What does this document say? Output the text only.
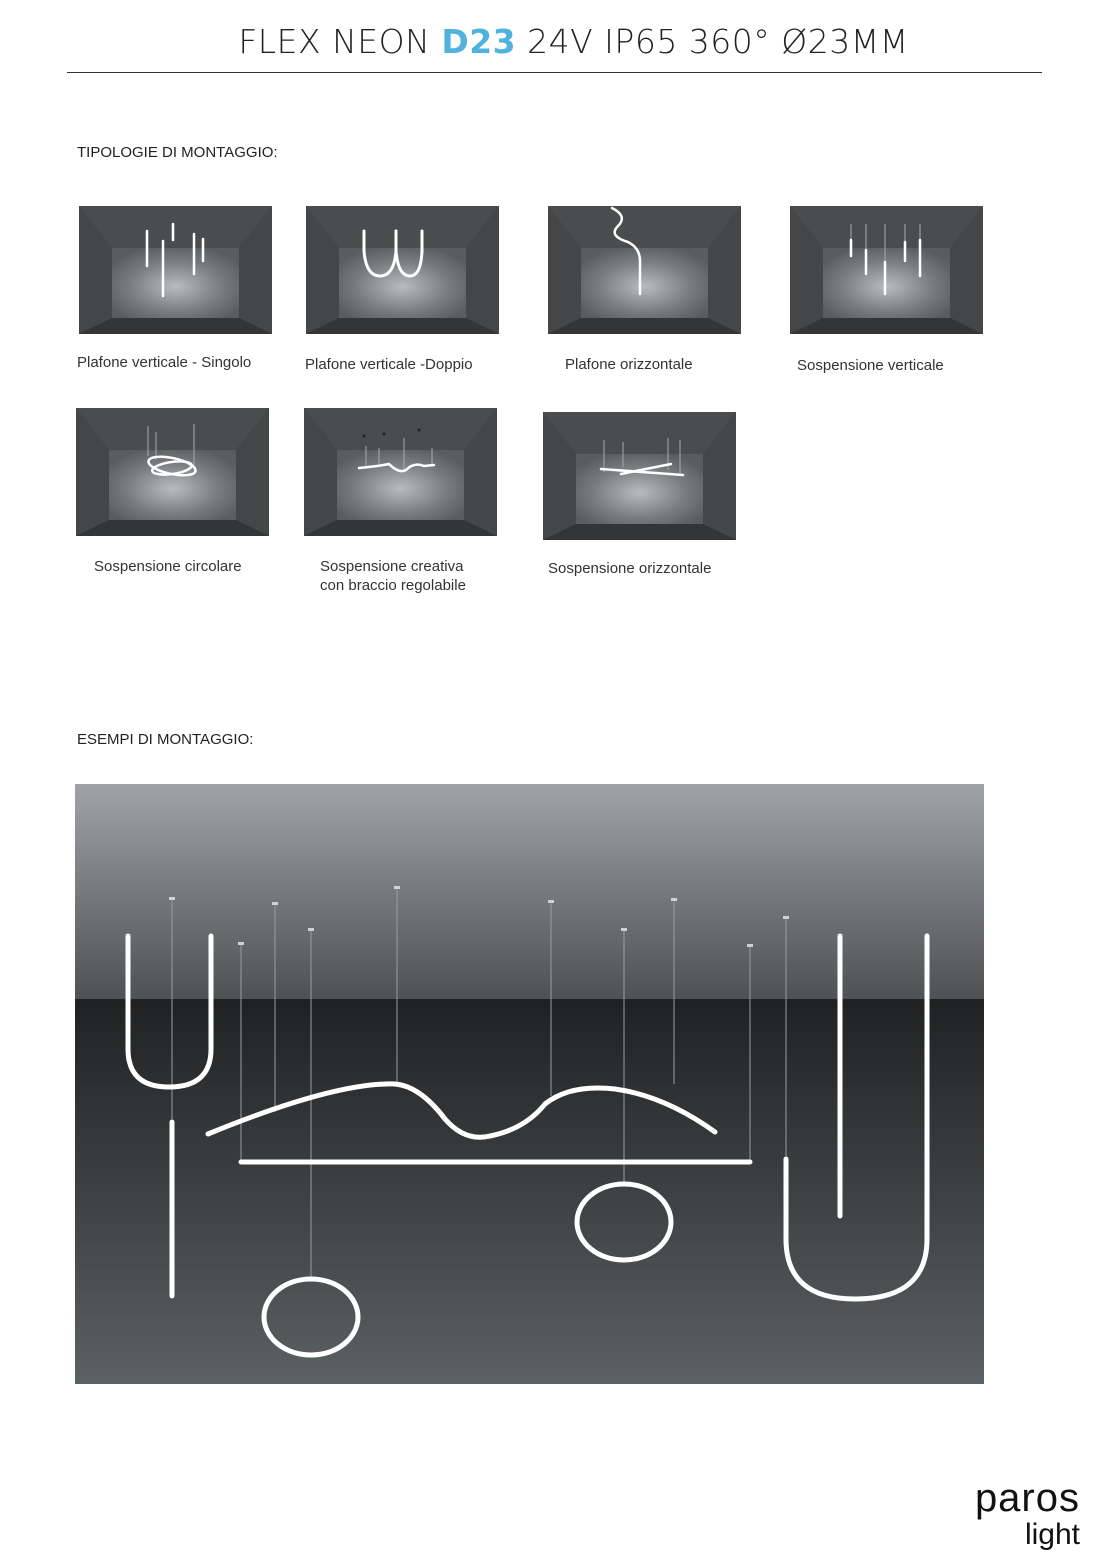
FLEX NEON D23 24V IP65 360° Ø23MM
TIPOLOGIE DI MONTAGGIO:
Plafone verticale - Singolo	Plafone verticale -Doppio	Plafone orizzontale	Sospensione verticale
Sospensione circolare	Sospensione creativa
con braccio regolabile
Sospensione orizzontale
ESEMPI DI MONTAGGIO:
paros
light
